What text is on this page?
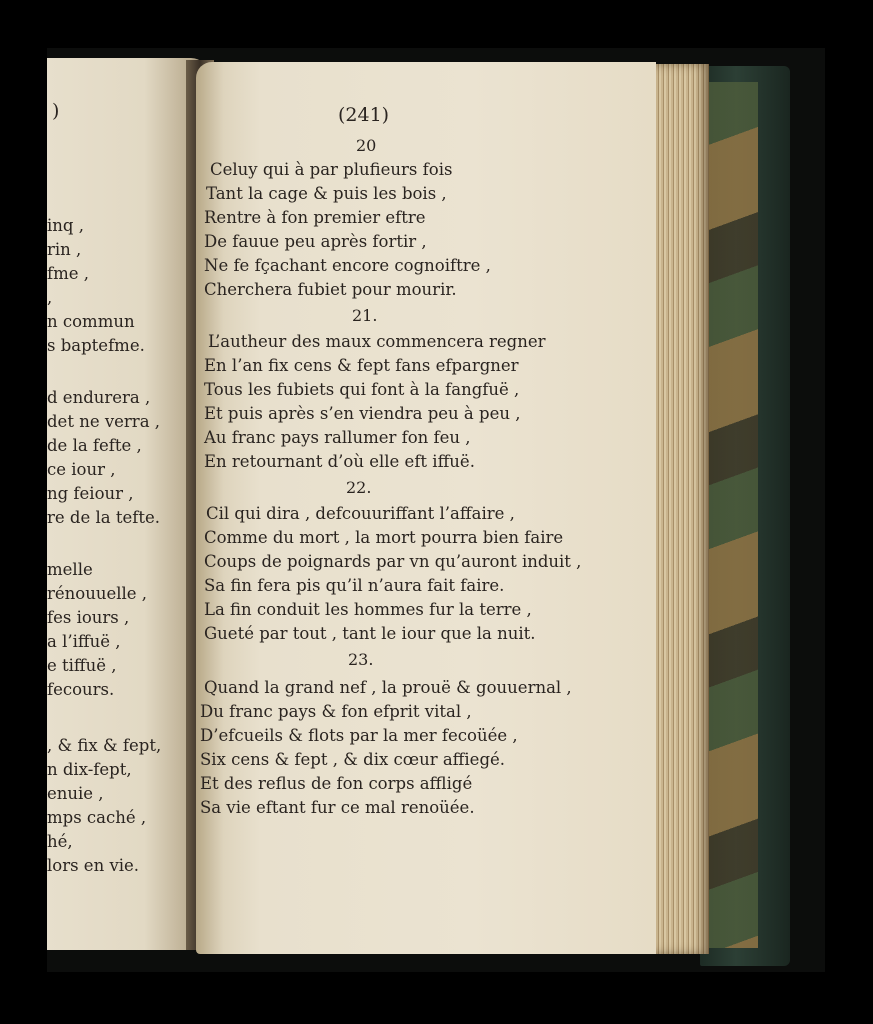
)
inq ,
rin ,
fme ,
,
n commun
s baptefme.
d endurera ,
det ne verra ,
de la fefte ,
ce iour ,
ng feiour ,
re de la tefte.
melle
rénouuelle ,
fes iours ,
a l’iffuë ,
e tiffuë ,
fecours.
, & fix & fept,
n dix-fept,
enuie ,
mps caché ,
hé,
lors en vie.
(241)
20
Celuy qui à par plufieurs fois
Tant la cage & puis les bois ,
Rentre à fon premier eftre
De fauue peu après fortir ,
Ne fe fçachant encore cognoiftre ,
Cherchera fubiet pour mourir.
21.
L’autheur des maux commencera regner
En l’an fix cens & fept fans efpargner
Tous les fubiets qui font à la fangfuë ,
Et puis après s’en viendra peu à peu ,
Au franc pays rallumer fon feu ,
En retournant d’où elle eft iffuë.
22.
Cil qui dira , defcouuriffant l’affaire ,
Comme du mort , la mort pourra bien faire
Coups de poignards par vn qu’auront induit ,
Sa fin fera pis qu’il n’aura fait faire.
La fin conduit les hommes fur la terre ,
Gueté par tout , tant le iour que la nuit.
23.
Quand la grand nef , la prouë & gouuernal ,
Du franc pays & fon efprit vital ,
D’efcueils & flots par la mer fecoüée ,
Six cens & fept , & dix cœur affiegé.
Et des reflus de fon corps affligé
Sa vie eftant fur ce mal renoüée.
